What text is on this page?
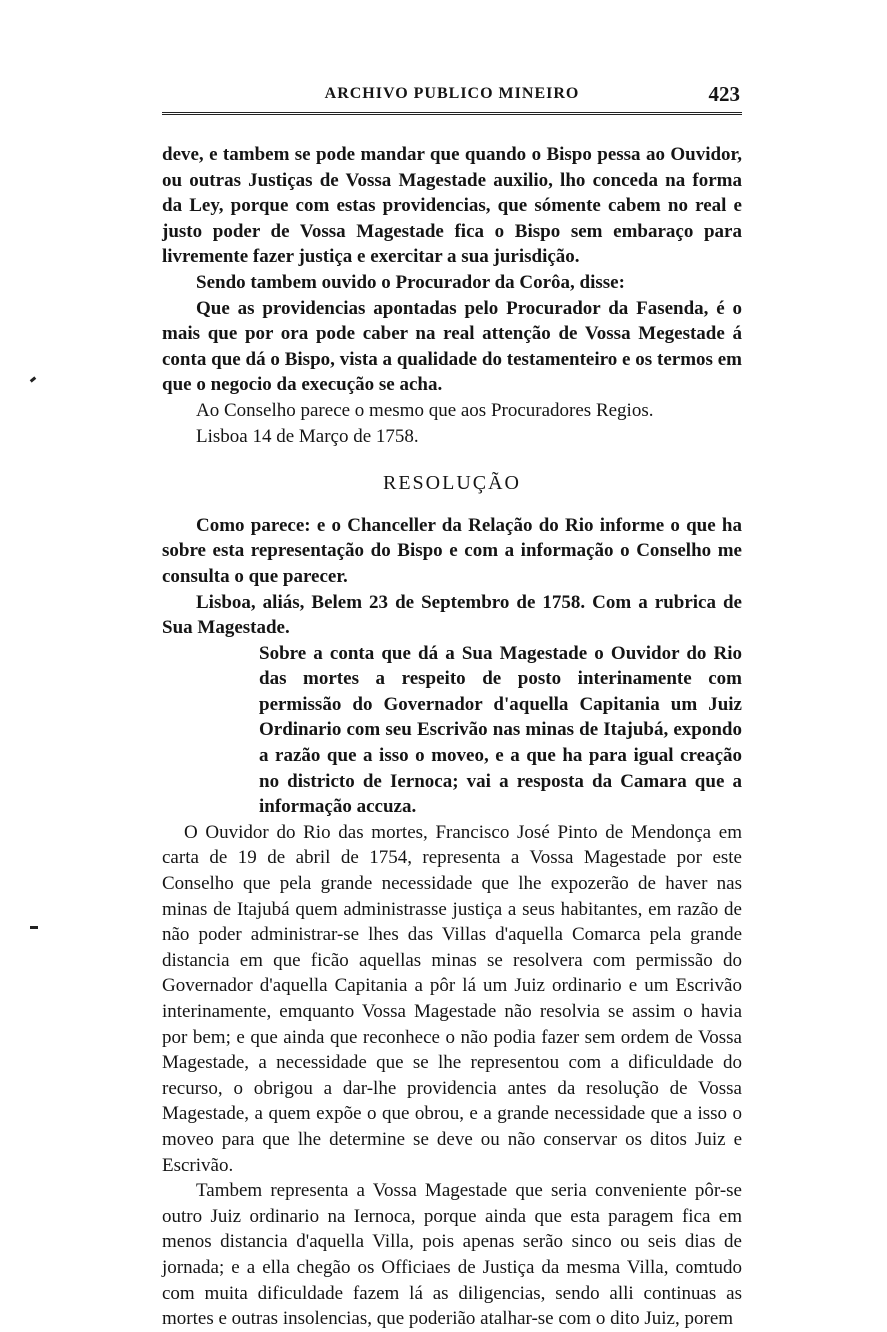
ARCHIVO PUBLICO MINEIRO	423

deve, e tambem se pode mandar que quando o Bispo pessa ao Ouvidor, ou outras Justiças de Vossa Magestade auxilio, lho conceda na forma da Ley, porque com estas providencias, que sómente cabem no real e justo poder de Vossa Magestade fica o Bispo sem embaraço para livremente fazer justiça e exercitar a sua jurisdição.

Sendo tambem ouvido o Procurador da Corôa, disse:

Que as providencias apontadas pelo Procurador da Fasenda, é o mais que por ora pode caber na real attenção de Vossa Megestade á conta que dá o Bispo, vista a qualidade do testamenteiro e os termos em que o negocio da execução se acha.

Ao Conselho parece o mesmo que aos Procuradores Regios.

Lisboa 14 de Março de 1758.

RESOLUÇÃO

Como parece: e o Chanceller da Relação do Rio informe o que ha sobre esta representação do Bispo e com a informação o Conselho me consulta o que parecer.

Lisboa, aliás, Belem 23 de Septembro de 1758. Com a rubrica de Sua Magestade.

Sobre a conta que dá a Sua Magestade o Ouvidor do Rio das mortes a respeito de posto interinamente com permissão do Governador d'aquella Capitania um Juiz Ordinario com seu Escrivão nas minas de Itajubá, expondo a razão que a isso o moveo, e a que ha para igual creação no districto de Iernoca; vai a resposta da Camara que a informação accuza.

O Ouvidor do Rio das mortes, Francisco José Pinto de Mendonça em carta de 19 de abril de 1754, representa a Vossa Magestade por este Conselho que pela grande necessidade que lhe expozerão de haver nas minas de Itajubá quem administrasse justiça a seus habitantes, em razão de não poder administrar-se lhes das Villas d'aquella Comarca pela grande distancia em que ficão aquellas minas se resolvera com permissão do Governador d'aquella Capitania a pôr lá um Juiz ordinario e um Escrivão interinamente, emquanto Vossa Magestade não resolvia se assim o havia por bem; e que ainda que reconhece o não podia fazer sem ordem de Vossa Magestade, a necessidade que se lhe representou com a dificuldade do recurso, o obrigou a dar-lhe providencia antes da resolução de Vossa Magestade, a quem expõe o que obrou, e a grande necessidade que a isso o moveo para que lhe determine se deve ou não conservar os ditos Juiz e Escrivão.

Tambem representa a Vossa Magestade que seria conveniente pôr-se outro Juiz ordinario na Iernoca, porque ainda que esta paragem fica em menos distancia d'aquella Villa, pois apenas serão sinco ou seis dias de jornada; e a ella chegão os Officiaes de Justiça da mesma Villa, comtudo com muita dificuldade fazem lá as diligencias, sendo alli continuas as mortes e outras insolencias, que poderião atalhar-se com o dito Juiz, porem
